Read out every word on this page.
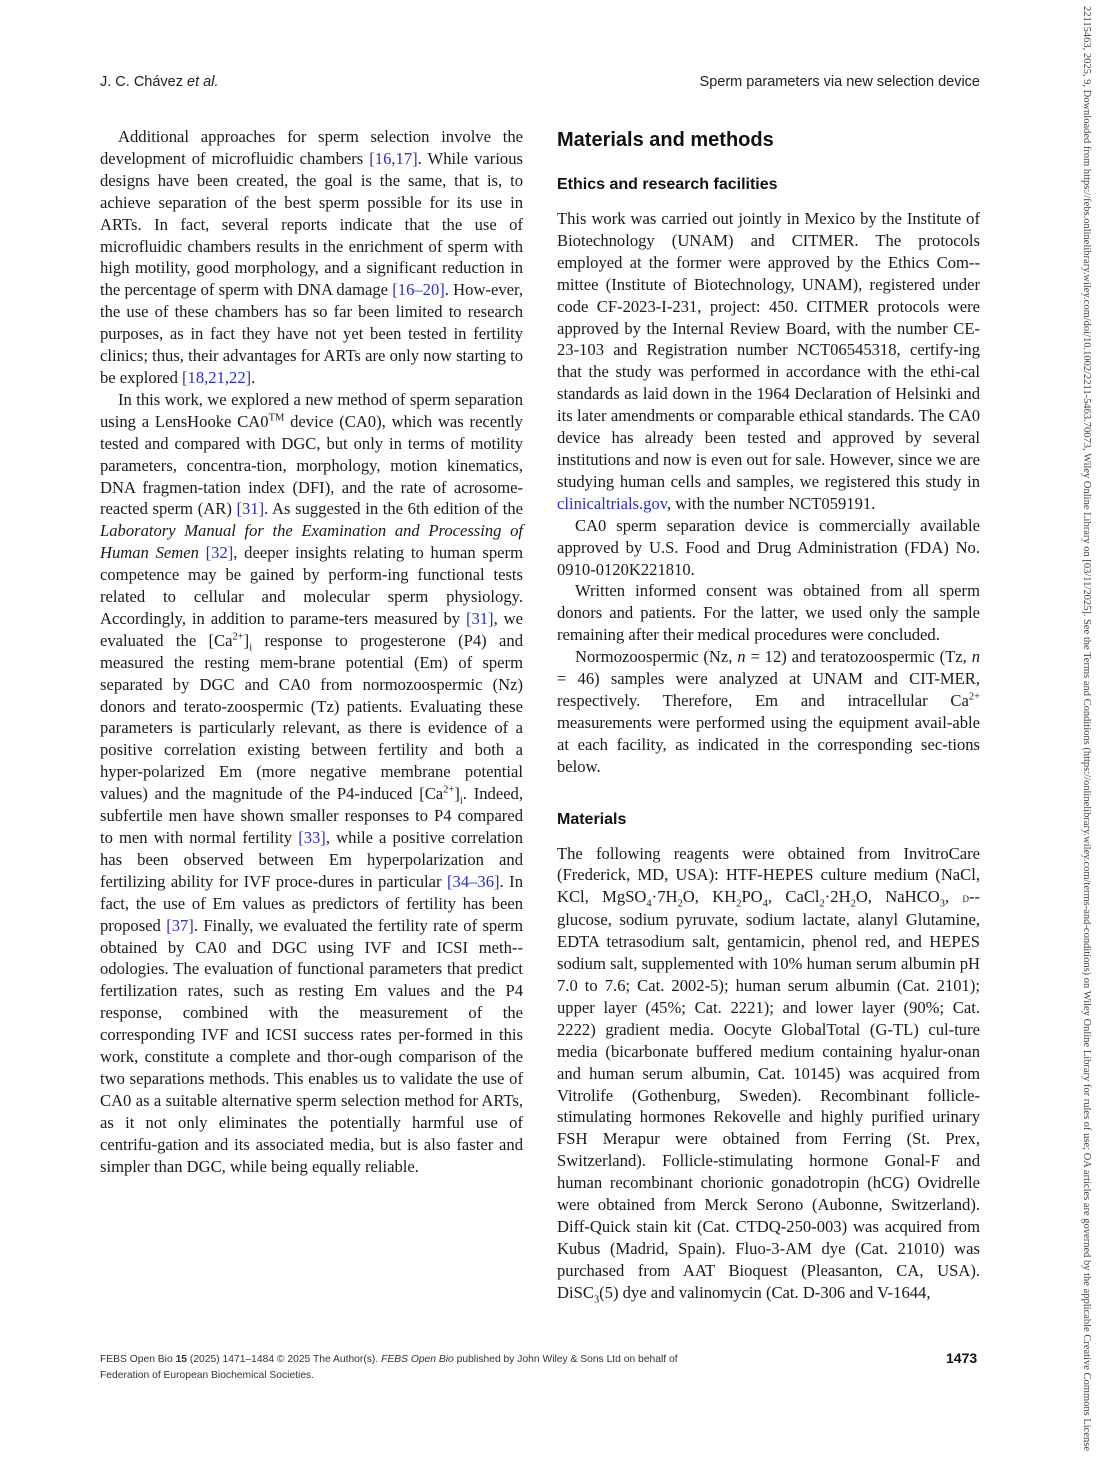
J. C. Chávez et al.	Sperm parameters via new selection device	22115463, 2025, 9, Downloaded from https://febs.onlinelibrary.wiley.com/doi/10.1002/2211-5463.70073, Wiley Online Library on [03/11/2025]. See the Terms and Conditions (https://onlinelibrary.wiley.com/terms-and-conditions) on Wiley Online Library for rules of use; OA articles are governed by the applicable Creative Commons License

Additional approaches for sperm selection involve the development of microfluidic chambers [16,17]. While various designs have been created, the goal is the same, that is, to achieve separation of the best sperm possible for its use in ARTs. In fact, several reports indicate that the use of microfluidic chambers results in the enrichment of sperm with high motility, good morphology, and a significant reduction in the percentage of sperm with DNA damage [16–20]. How-ever, the use of these chambers has so far been limited to research purposes, as in fact they have not yet been tested in fertility clinics; thus, their advantages for ARTs are only now starting to be explored [18,21,22].

In this work, we explored a new method of sperm separation using a LensHooke CA0™ device (CA0), which was recently tested and compared with DGC, but only in terms of motility parameters, concentra-tion, morphology, motion kinematics, DNA fragmen-tation index (DFI), and the rate of acrosome-reacted sperm (AR) [31]. As suggested in the 6th edition of the Laboratory Manual for the Examination and Processing of Human Semen [32], deeper insights relating to human sperm competence may be gained by perform-ing functional tests related to cellular and molecular sperm physiology. Accordingly, in addition to parame-ters measured by [31], we evaluated the $[Ca^{2+}]_i$ response to progesterone (P4) and measured the resting mem-brane potential (Em) of sperm separated by DGC and CA0 from normozoospermic (Nz) donors and terato-zoospermic (Tz) patients. Evaluating these parameters is particularly relevant, as there is evidence of a positive correlation existing between fertility and both a hyper-polarized Em (more negative membrane potential values) and the magnitude of the P4-induced $[Ca^{2+}]_i$. Indeed, subfertile men have shown smaller responses to P4 compared to men with normal fertility [33], while a positive correlation has been observed between Em hyperpolarization and fertilizing ability for IVF proce-dures in particular [34–36]. In fact, the use of Em values as predictors of fertility has been proposed [37]. Finally, we evaluated the fertility rate of sperm obtained by CA0 and DGC using IVF and ICSI meth-odologies. The evaluation of functional parameters that predict fertilization rates, such as resting Em values and the P4 response, combined with the measurement of the corresponding IVF and ICSI success rates per-formed in this work, constitute a complete and thor-ough comparison of the two separations methods. This enables us to validate the use of CA0 as a suitable alternative sperm selection method for ARTs, as it not only eliminates the potentially harmful use of centrifu-gation and its associated media, but is also faster and simpler than DGC, while being equally reliable.

Materials and methods
Ethics and research facilities

This work was carried out jointly in Mexico by the Institute of Biotechnology (UNAM) and CITMER. The protocols employed at the former were approved by the Ethics Com-mittee (Institute of Biotechnology, UNAM), registered under code CF-2023-I-231, project: 450. CITMER protocols were approved by the Internal Review Board, with the number CE-23-103 and Registration number NCT06545318, certify-ing that the study was performed in accordance with the ethi-cal standards as laid down in the 1964 Declaration of Helsinki and its later amendments or comparable ethical standards. The CA0 device has already been tested and approved by several institutions and now is even out for sale. However, since we are studying human cells and samples, we registered this study in clinicaltrials.gov, with the number NCT059191.

CA0 sperm separation device is commercially available approved by U.S. Food and Drug Administration (FDA) No. 0910-0120K221810.

Written informed consent was obtained from all sperm donors and patients. For the latter, we used only the sample remaining after their medical procedures were concluded.

Normozoospermic (Nz, n = 12) and teratozoospermic (Tz, n = 46) samples were analyzed at UNAM and CIT-MER, respectively. Therefore, Em and intracellular $Ca^{2+}$ measurements were performed using the equipment avail-able at each facility, as indicated in the corresponding sec-tions below.

Materials

The following reagents were obtained from InvitroCare (Frederick, MD, USA): HTF-HEPES culture medium (NaCl, KCl, $MgSO_4\cdot 7H_2O$, $KH_2PO_4$, $CaCl_2\cdot 2H_2O$, NaHCO$_3$, d-glucose, sodium pyruvate, sodium lactate, alanyl Glutamine, EDTA tetrasodium salt, gentamicin, phenol red, and HEPES sodium salt, supplemented with 10% human serum albumin pH 7.0 to 7.6; Cat. 2002-5); human serum albumin (Cat. 2101); upper layer (45%; Cat. 2221); and lower layer (90%; Cat. 2222) gradient media. Oocyte GlobalTotal (G-TL) cul-ture media (bicarbonate buffered medium containing hyalur-onan and human serum albumin, Cat. 10145) was acquired from Vitrolife (Gothenburg, Sweden). Recombinant follicle-stimulating hormones Rekovelle and highly purified urinary FSH Merapur were obtained from Ferring (St. Prex, Switzerland). Follicle-stimulating hormone Gonal-F and human recombinant chorionic gonadotropin (hCG) Ovidrelle were obtained from Merck Serono (Aubonne, Switzerland). Diff-Quick stain kit (Cat. CTDQ-250-003) was acquired from Kubus (Madrid, Spain). Fluo-3-AM dye (Cat. 21010) was purchased from AAT Bioquest (Pleasanton, CA, USA). DiSC$_3$(5) dye and valinomycin (Cat. D-306 and V-1644,

FEBS Open Bio 15 (2025) 1471–1484 © 2025 The Author(s). FEBS Open Bio published by John Wiley & Sons Ltd on behalf of
Federation of European Biochemical Societies.
1473
